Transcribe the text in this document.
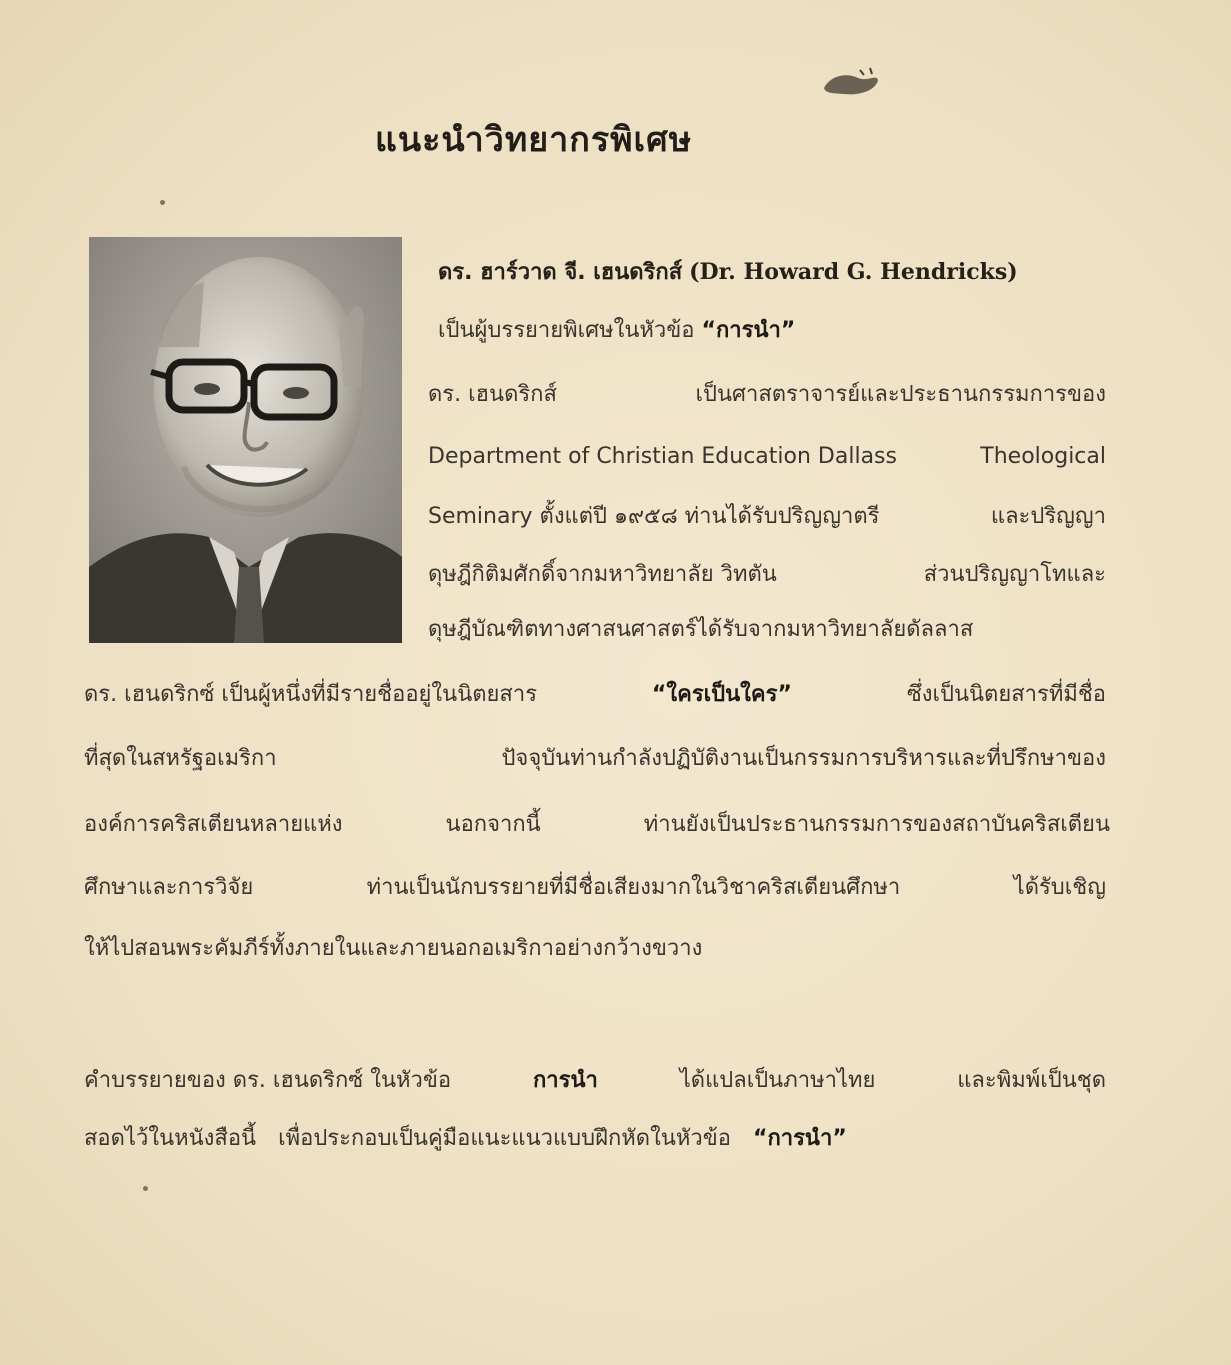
แนะนำวิทยากรพิเศษ
ดร. ฮาร์วาด จี. เฮนดริกส์ (Dr. Howard G. Hendricks)
เป็นผู้บรรยายพิเศษในหัวข้อ “การนำ”
ดร. เฮนดริกส์	เป็นศาสตราจารย์และประธานกรรมการของ
Department of Christian Education Dallass	Theological
Seminary ตั้งแต่ปี ๑๙๕๘ ท่านได้รับปริญญาตรี	และปริญญา
ดุษฎีกิติมศักดิ์จากมหาวิทยาลัย วิทตัน	ส่วนปริญญาโทและ
ดุษฎีบัณฑิตทางศาสนศาสตร์ได้รับจากมหาวิทยาลัยดัลลาส
ดร. เฮนดริกซ์ เป็นผู้หนึ่งที่มีรายชื่ออยู่ในนิตยสาร	“ใครเป็นใคร”	ซึ่งเป็นนิตยสารที่มีชื่อ
ที่สุดในสหรัฐอเมริกา	ปัจจุบันท่านกำลังปฏิบัติงานเป็นกรรมการบริหารและที่ปรึกษาของ
องค์การคริสเตียนหลายแห่ง	นอกจากนี้	ท่านยังเป็นประธานกรรมการของสถาบันคริสเตียน
ศึกษาและการวิจัย	ท่านเป็นนักบรรยายที่มีชื่อเสียงมากในวิชาคริสเตียนศึกษา	ได้รับเชิญ
ให้ไปสอนพระคัมภีร์ทั้งภายในและภายนอกอเมริกาอย่างกว้างขวาง
คำบรรยายของ ดร. เฮนดริกซ์ ในหัวข้อ	การนำ	ได้แปลเป็นภาษาไทย	และพิมพ์เป็นชุด
สอดไว้ในหนังสือนี้ เพื่อประกอบเป็นคู่มือแนะแนวแบบฝึกหัดในหัวข้อ “การนำ”
